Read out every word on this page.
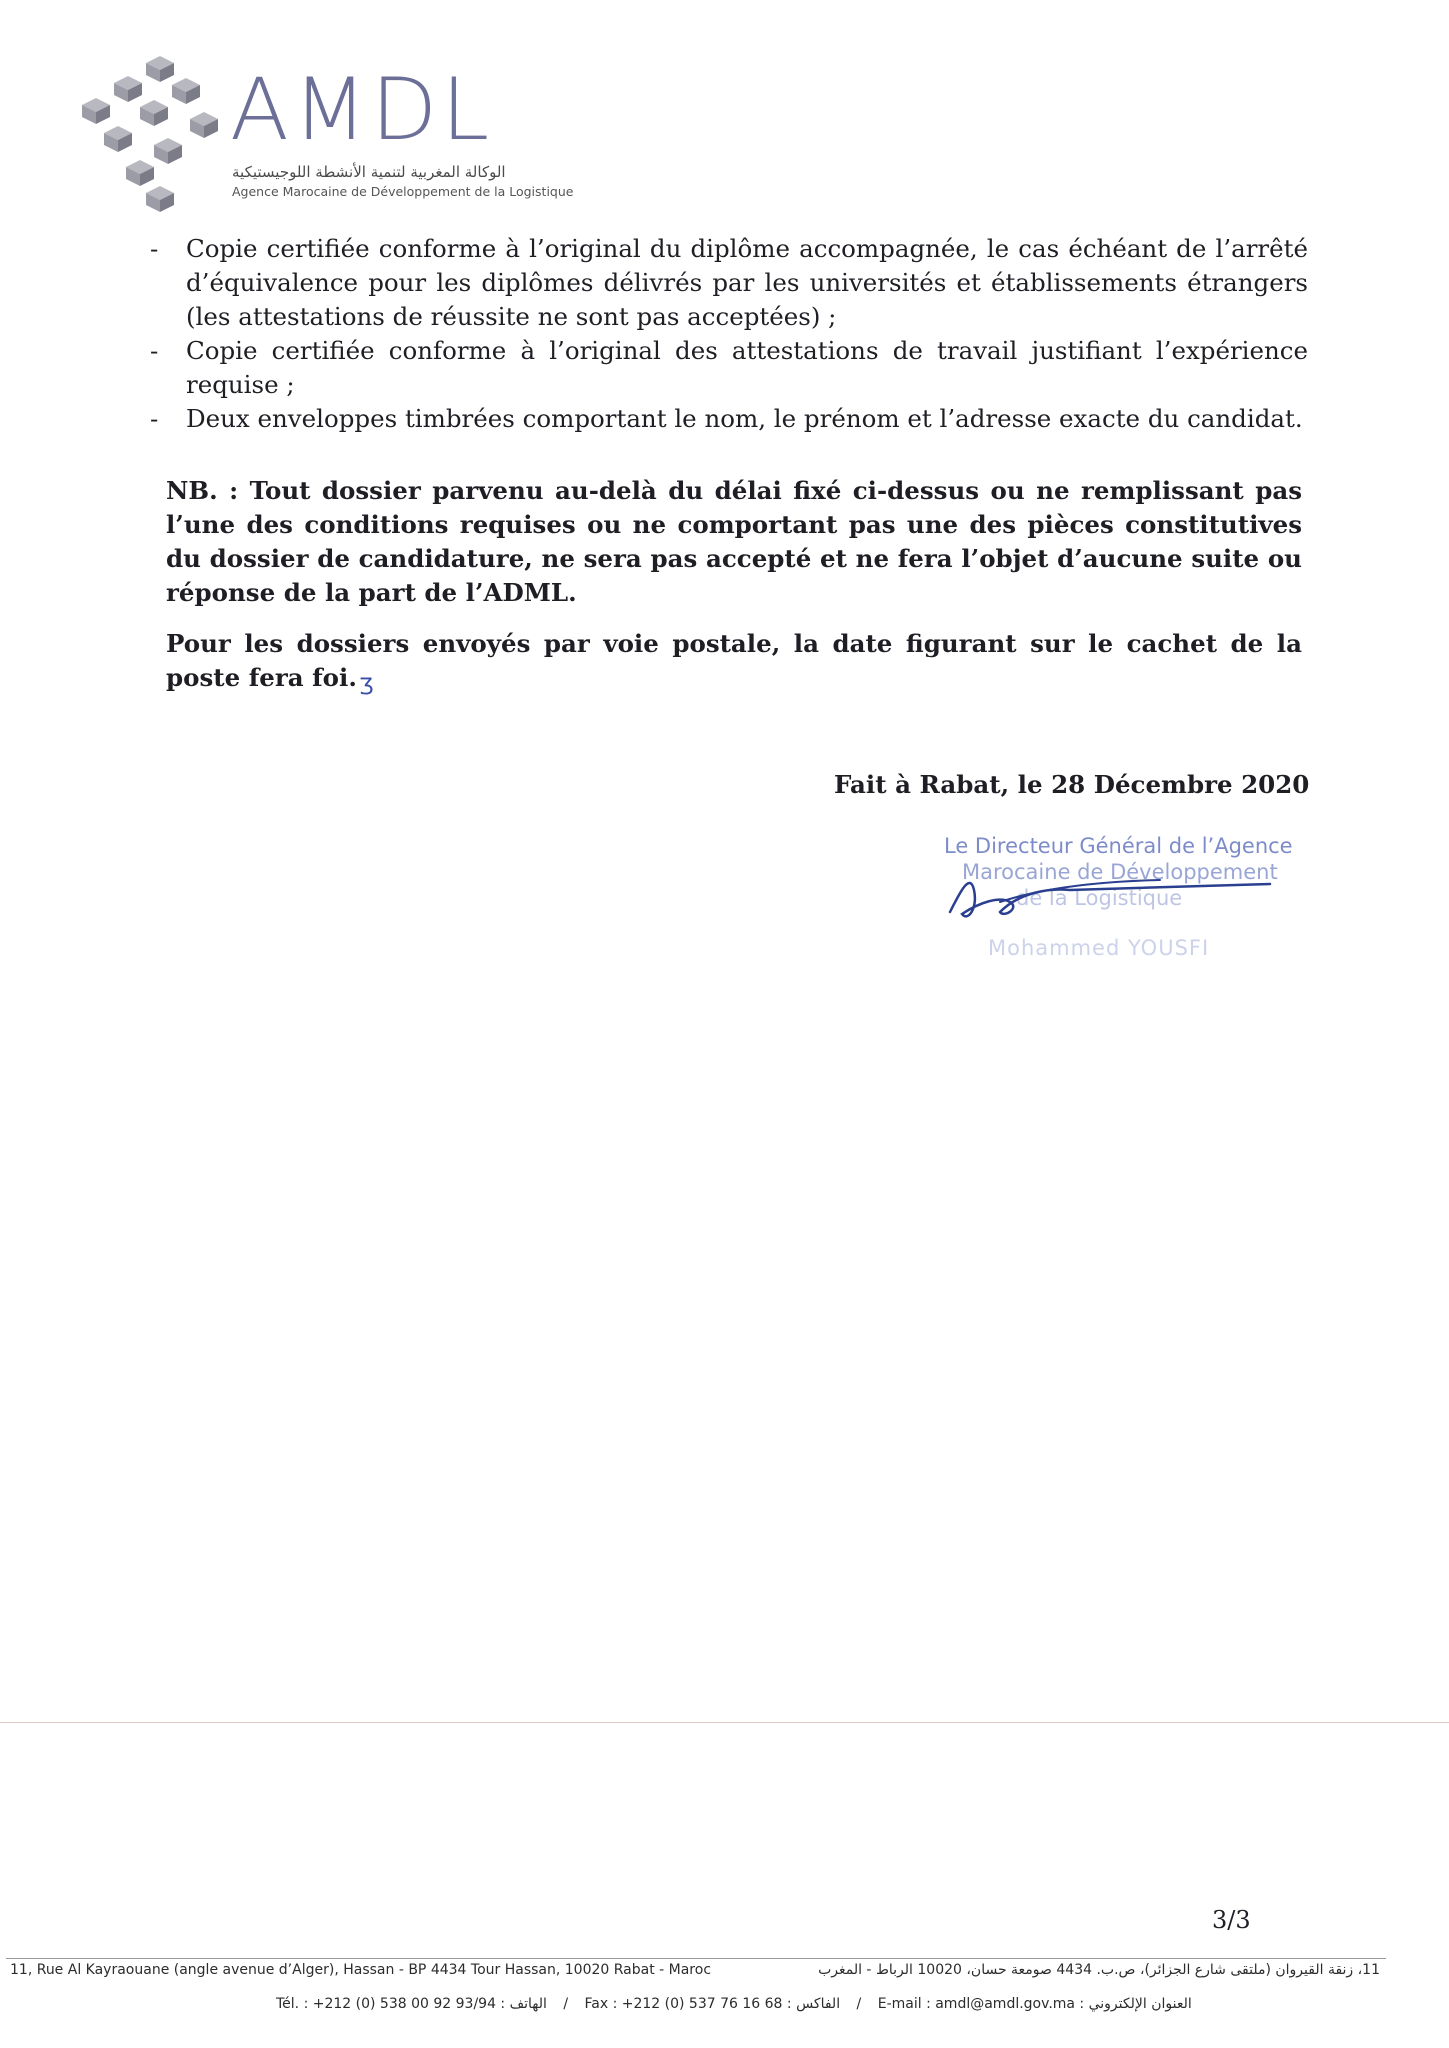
AMDL
الوكالة المغربية لتنمية الأنشطة اللوجيستيكية
Agence Marocaine de Développement de la Logistique
- Copie certifiée conforme à l’original du diplôme accompagnée, le cas échéant de l’arrêté d’équivalence pour les diplômes délivrés par les universités et établissements étrangers (les attestations de réussite ne sont pas acceptées) ;
- Copie certifiée conforme à l’original des attestations de travail justifiant l’expérience requise ;
- Deux enveloppes timbrées comportant le nom, le prénom et l’adresse exacte du candidat.

NB. : Tout dossier parvenu au-delà du délai fixé ci-dessus ou ne remplissant pas l’une des conditions requises ou ne comportant pas une des pièces constitutives du dossier de candidature, ne sera pas accepté et ne fera l’objet d’aucune suite ou réponse de la part de l’ADML.

Pour les dossiers envoyés par voie postale, la date figurant sur le cachet de la poste fera foi.Ʒ

Fait à Rabat, le 28 Décembre 2020
Le Directeur Général de l’Agence
Marocaine de Développement
de la Logistique
Mohammed YOUSFI
3/3
11, Rue Al Kayraouane (angle avenue d’Alger), Hassan - BP 4434 Tour Hassan, 10020 Rabat - Maroc	11، زنقة القيروان (ملتقى شارع الجزائر)، ص.ب. 4434 صومعة حسان، 10020 الرباط - المغرب
Tél. : +212 (0) 538 00 92 93/94 : الهاتف / Fax : +212 (0) 537 76 16 68 : الفاكس / E-mail : amdl@amdl.gov.ma : العنوان الإلكتروني
